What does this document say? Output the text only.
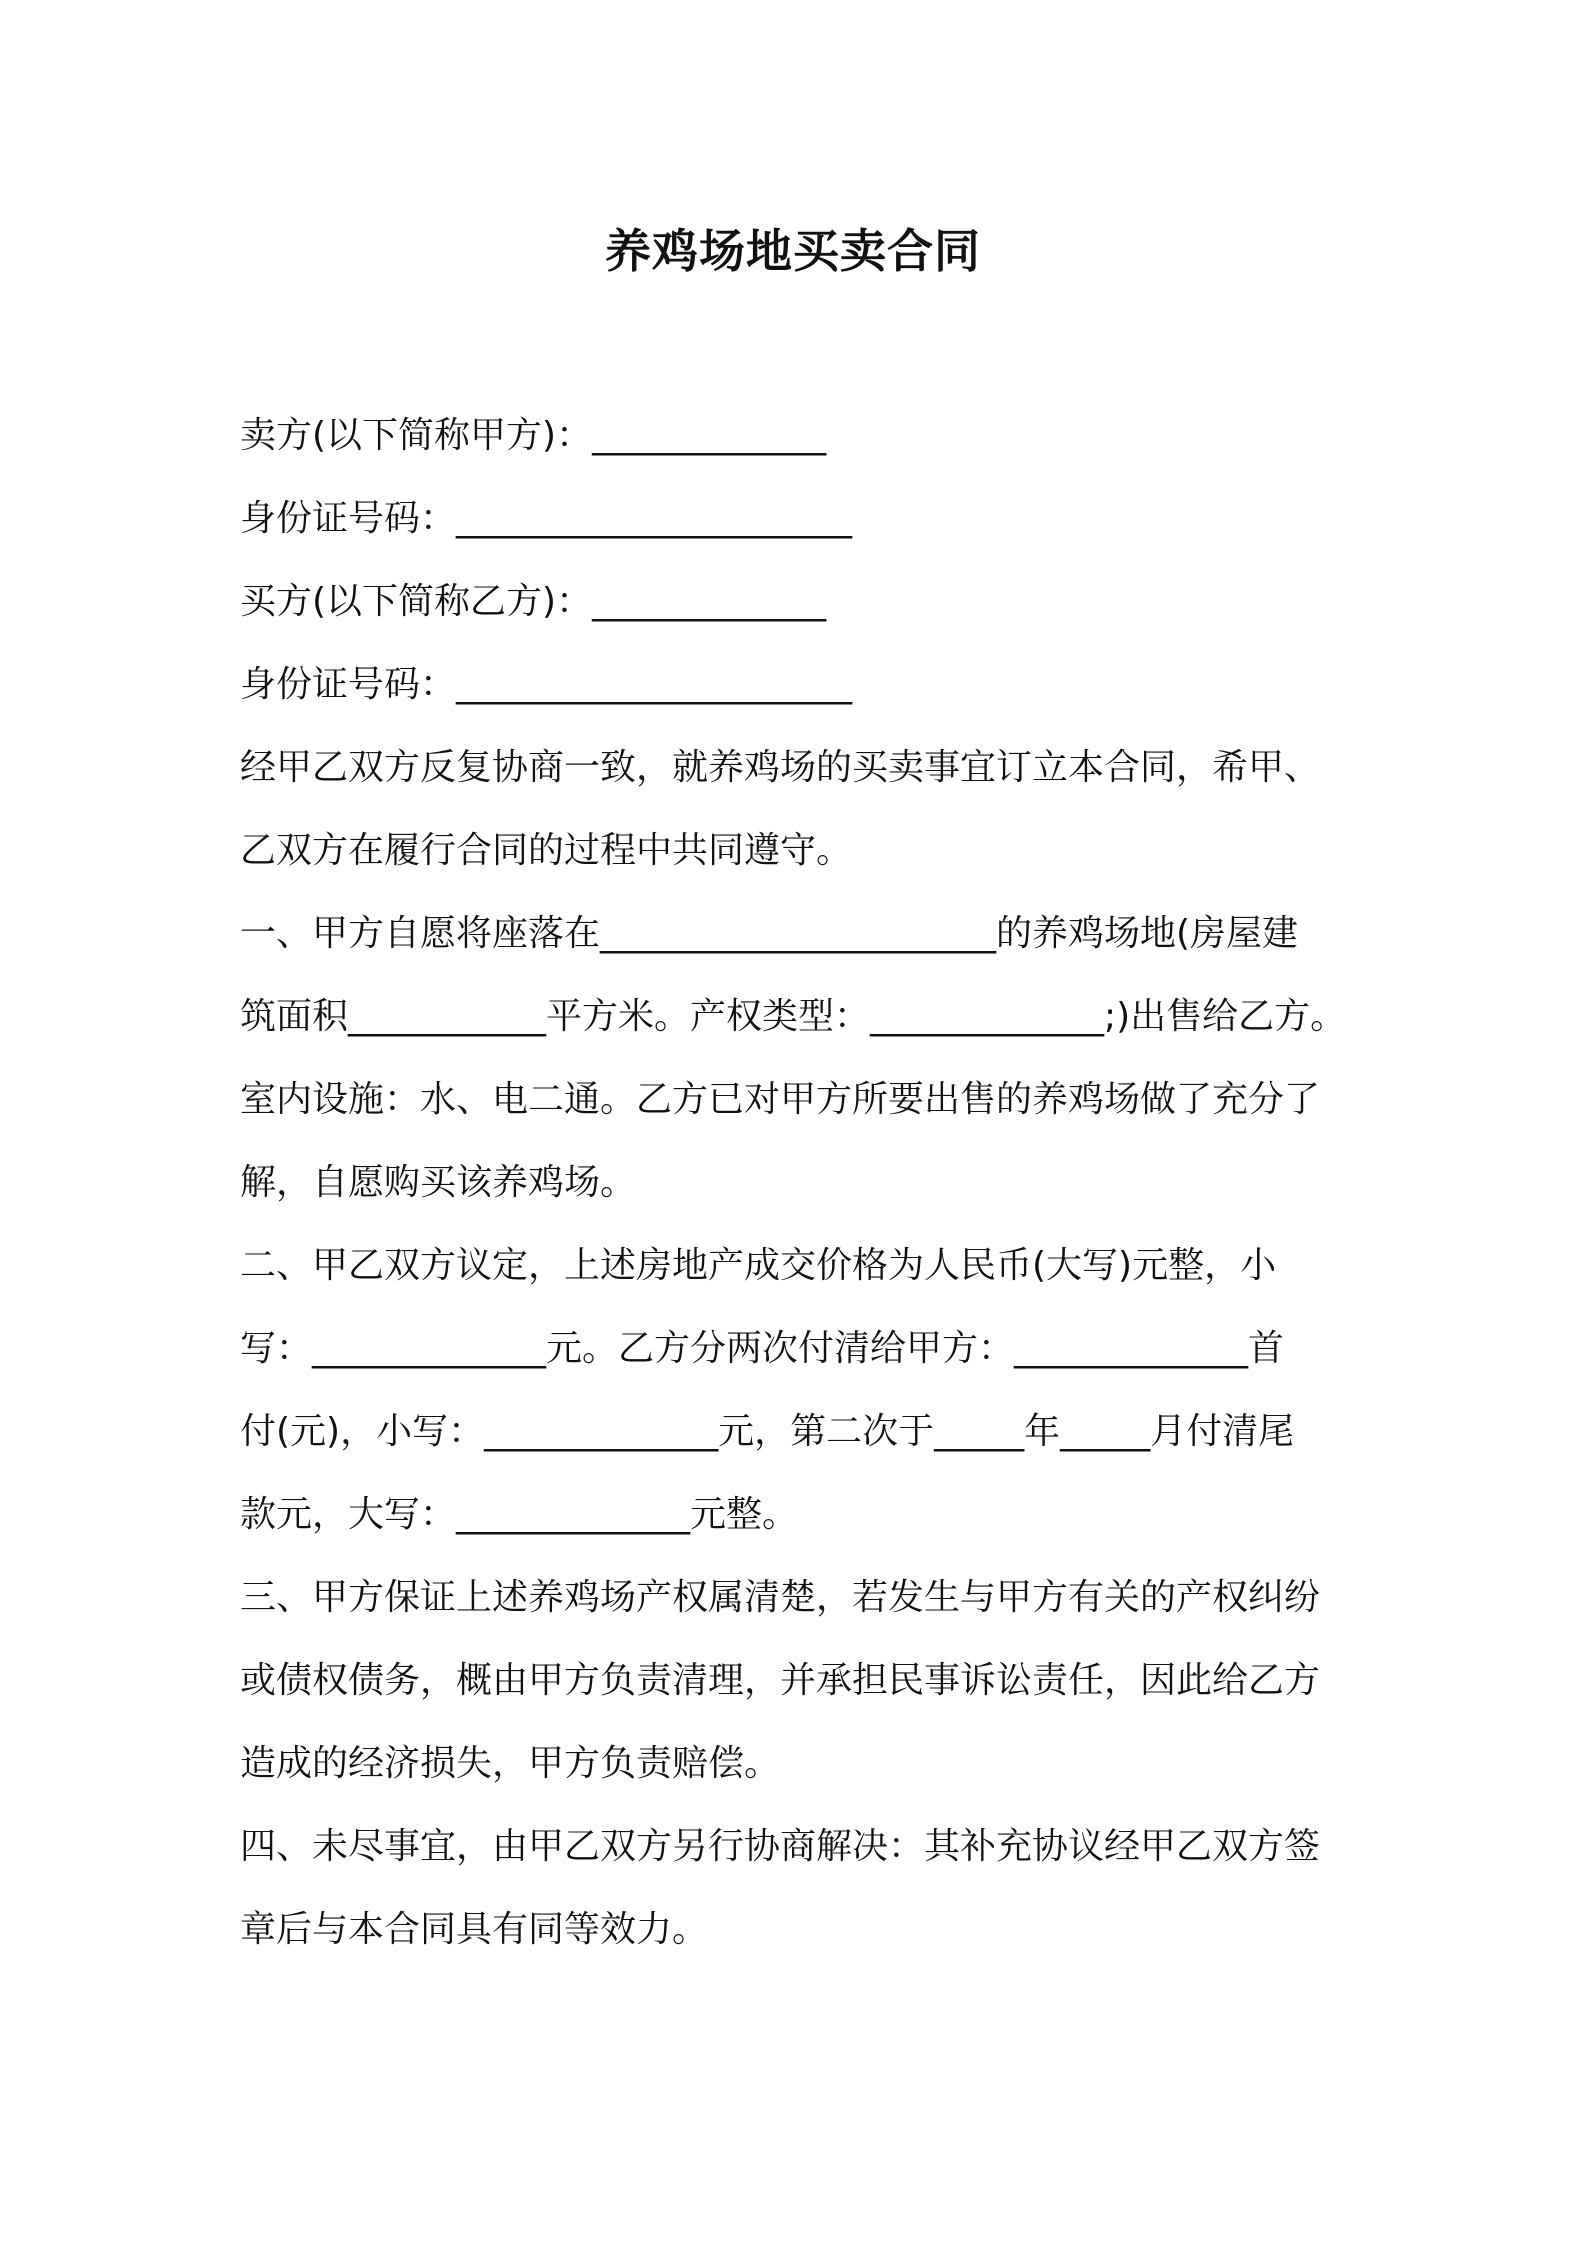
养鸡场地买卖合同
卖方(以下简称甲方)：_____________
身份证号码：______________________
买方(以下简称乙方)：_____________
身份证号码：______________________
经甲乙双方反复协商一致，就养鸡场的买卖事宜订立本合同，希甲、
乙双方在履行合同的过程中共同遵守。
一、甲方自愿将座落在______________________的养鸡场地(房屋建
筑面积___________平方米。产权类型：_____________;)出售给乙方。
室内设施：水、电二通。乙方已对甲方所要出售的养鸡场做了充分了
解，自愿购买该养鸡场。
二、甲乙双方议定，上述房地产成交价格为人民币(大写)元整，小
写：_____________元。乙方分两次付清给甲方：_____________首
付(元)，小写：_____________元，第二次于_____年_____月付清尾
款元，大写：_____________元整。
三、甲方保证上述养鸡场产权属清楚，若发生与甲方有关的产权纠纷
或债权债务，概由甲方负责清理，并承担民事诉讼责任，因此给乙方
造成的经济损失，甲方负责赔偿。
四、未尽事宜，由甲乙双方另行协商解决：其补充协议经甲乙双方签
章后与本合同具有同等效力。
